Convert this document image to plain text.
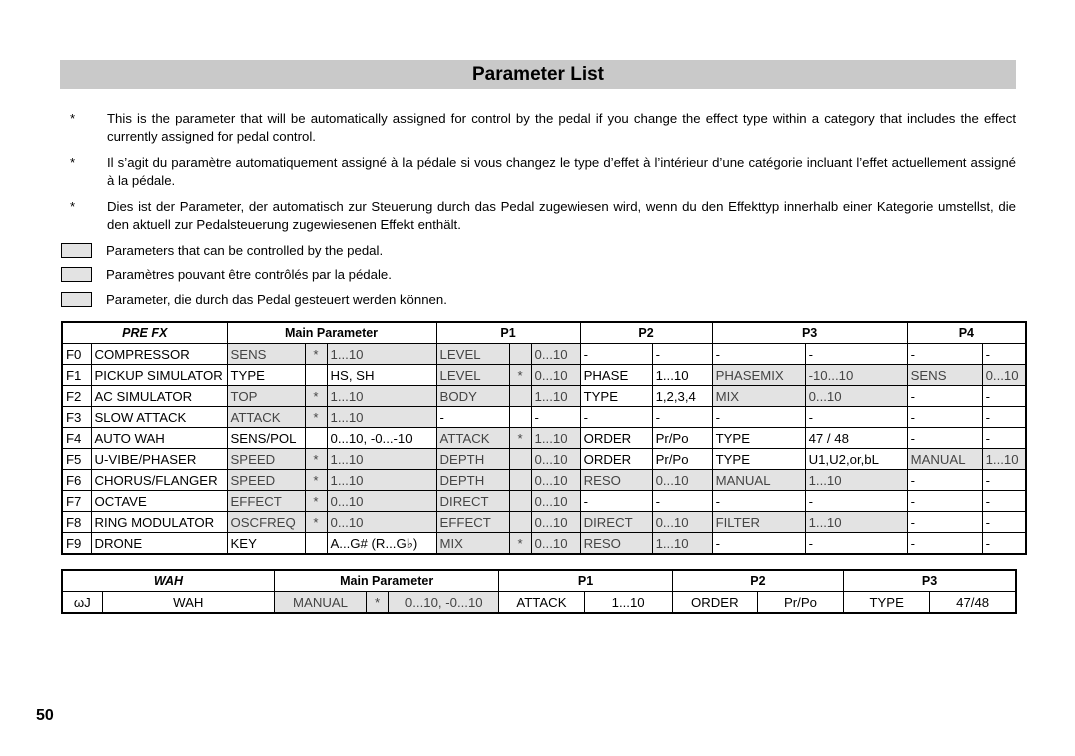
Parameter List
* This is the parameter that will be automatically assigned for control by the pedal if you change the effect type within a category that includes the effect currently assigned for pedal control.
* Il s’agit du paramètre automatiquement assigné à la pédale si vous changez le type d’effet à l’intérieur d’une catégorie incluant l’effet actuellement assigné à la pédale.
* Dies ist der Parameter, der automatisch zur Steuerung durch das Pedal zugewiesen wird, wenn du den Effekttyp innerhalb einer Kategorie umstellst, die den aktuell zur Pedalsteuerung zugewiesenen Effekt enthält.
Parameters that can be controlled by the pedal.
Paramètres pouvant être contrôlés par la pédale.
Parameter, die durch das Pedal gesteuert werden können.
PRE FX		Main Parameter			P1			P2		P3		P4	
F0	COMPRESSOR	SENS	*	1...10	LEVEL		0...10	-	-	-	-	-	-
F1	PICKUP SIMULATOR	TYPE		HS, SH	LEVEL	*	0...10	PHASE	1...10	PHASEMIX	-10...10	SENS	0...10
F2	AC SIMULATOR	TOP	*	1...10	BODY		1...10	TYPE	1,2,3,4	MIX	0...10	-	-
F3	SLOW ATTACK	ATTACK	*	1...10	-		-	-	-	-	-	-	-
F4	AUTO WAH	SENS/POL		0...10, -0...-10	ATTACK	*	1...10	ORDER	Pr/Po	TYPE	47 / 48	-	-
F5	U-VIBE/PHASER	SPEED	*	1...10	DEPTH		0...10	ORDER	Pr/Po	TYPE	U1,U2,or,bL	MANUAL	1...10
F6	CHORUS/FLANGER	SPEED	*	1...10	DEPTH		0...10	RESO	0...10	MANUAL	1...10	-	-
F7	OCTAVE	EFFECT	*	0...10	DIRECT		0...10	-	-	-	-	-	-
F8	RING MODULATOR	OSCFREQ	*	0...10	EFFECT		0...10	DIRECT	0...10	FILTER	1...10	-	-
F9	DRONE	KEY		A...G# (R...G♭)	MIX	*	0...10	RESO	1...10	-	-	-	-
WAH		Main Parameter			P1		P2		P3	
ωJ	WAH	MANUAL	*	0...10, -0...10	ATTACK	1...10	ORDER	Pr/Po	TYPE	47/48
50
